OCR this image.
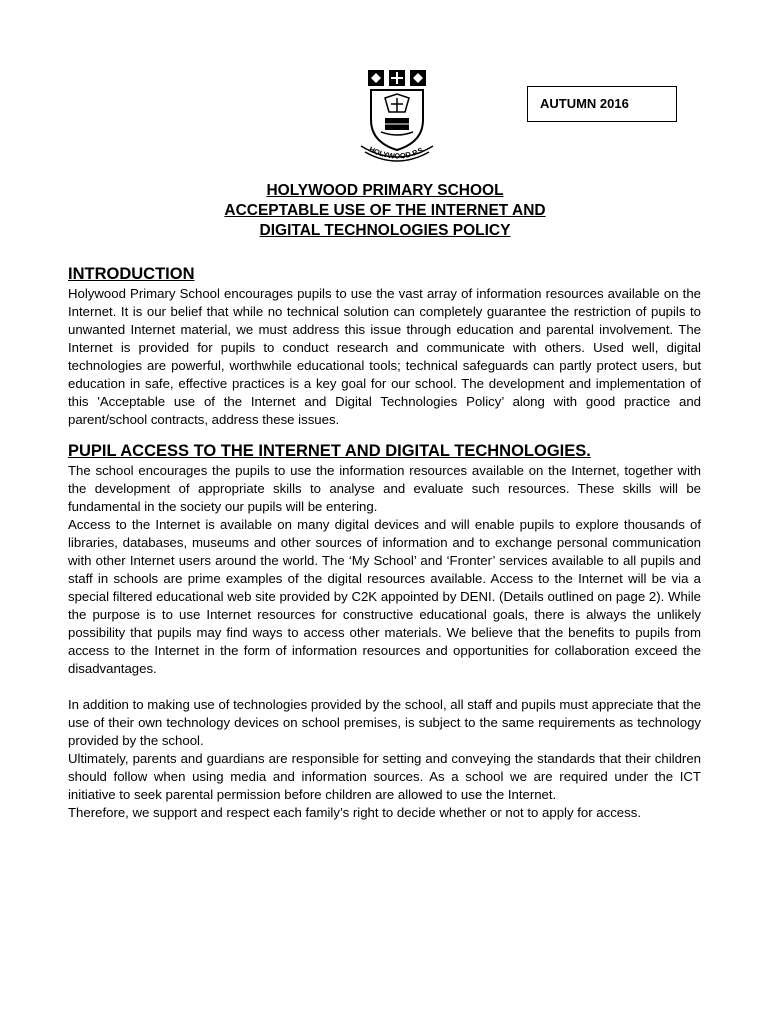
HOLYWOOD P.S.
AUTUMN 2016
HOLYWOOD PRIMARY SCHOOL
ACCEPTABLE USE OF THE INTERNET AND
DIGITAL TECHNOLOGIES POLICY
INTRODUCTION

Holywood Primary School encourages pupils to use the vast array of information resources available on the Internet. It is our belief that while no technical solution can completely guarantee the restriction of pupils to unwanted Internet material, we must address this issue through education and parental involvement. The Internet is provided for pupils to conduct research and communicate with others. Used well, digital technologies are powerful, worthwhile educational tools; technical safeguards can partly protect users, but education in safe, effective practices is a key goal for our school. The development and implementation of this 'Acceptable use of the Internet and Digital Technologies Policy’ along with good practice and parent/school contracts, address these issues.

PUPIL ACCESS TO THE INTERNET AND DIGITAL TECHNOLOGIES.

The school encourages the pupils to use the information resources available on the Internet, together with the development of appropriate skills to analyse and evaluate such resources. These skills will be fundamental in the society our pupils will be entering.

Access to the Internet is available on many digital devices and will enable pupils to explore thousands of libraries, databases, museums and other sources of information and to exchange personal communication with other Internet users around the world. The ‘My School’ and ‘Fronter’ services available to all pupils and staff in schools are prime examples of the digital resources available. Access to the Internet will be via a special filtered educational web site provided by C2K appointed by DENI. (Details outlined on page 2). While the purpose is to use Internet resources for constructive educational goals, there is always the unlikely possibility that pupils may find ways to access other materials. We believe that the benefits to pupils from access to the Internet in the form of information resources and opportunities for collaboration exceed the disadvantages.

In addition to making use of technologies provided by the school, all staff and pupils must appreciate that the use of their own technology devices on school premises, is subject to the same requirements as technology provided by the school.

Ultimately, parents and guardians are responsible for setting and conveying the standards that their children should follow when using media and information sources. As a school we are required under the ICT initiative to seek parental permission before children are allowed to use the Internet.

Therefore, we support and respect each family’s right to decide whether or not to apply for access.
